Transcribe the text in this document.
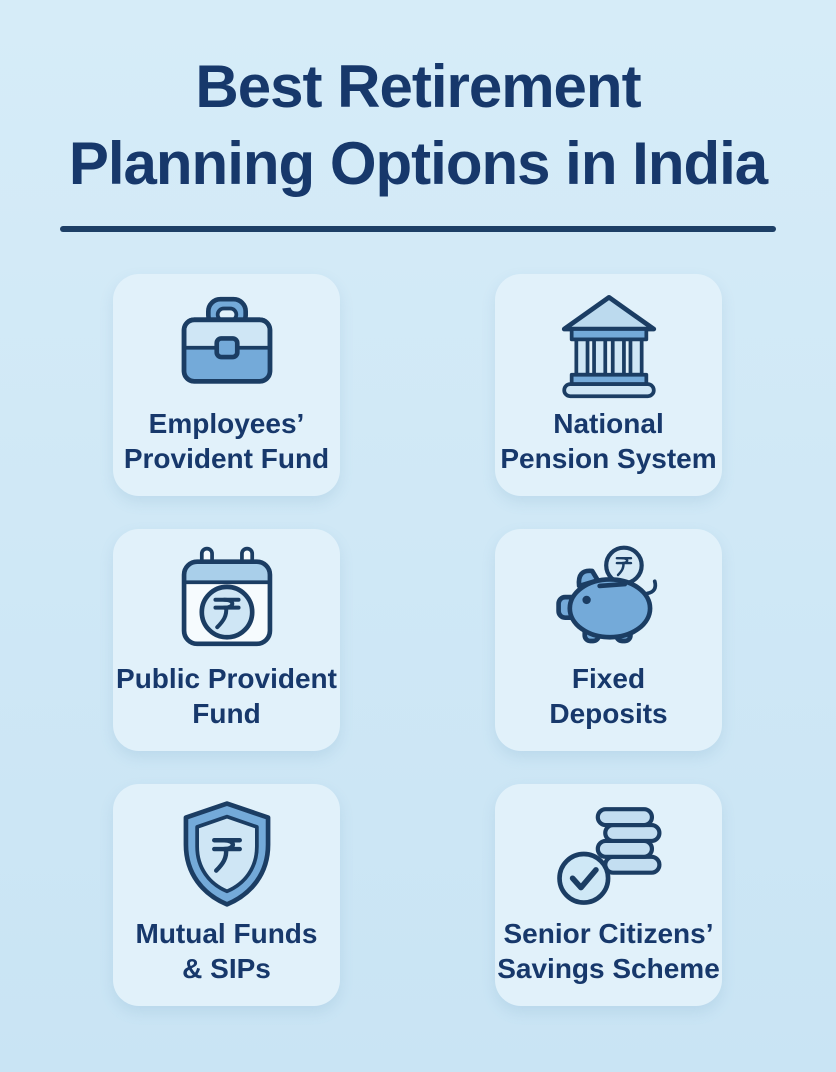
Best Retirement
Planning Options in India
Employees’
Provident Fund
National
Pension System
Public Provident
Fund
Fixed
Deposits
Mutual Funds
& SIPs
Senior Citizens’
Savings Scheme
